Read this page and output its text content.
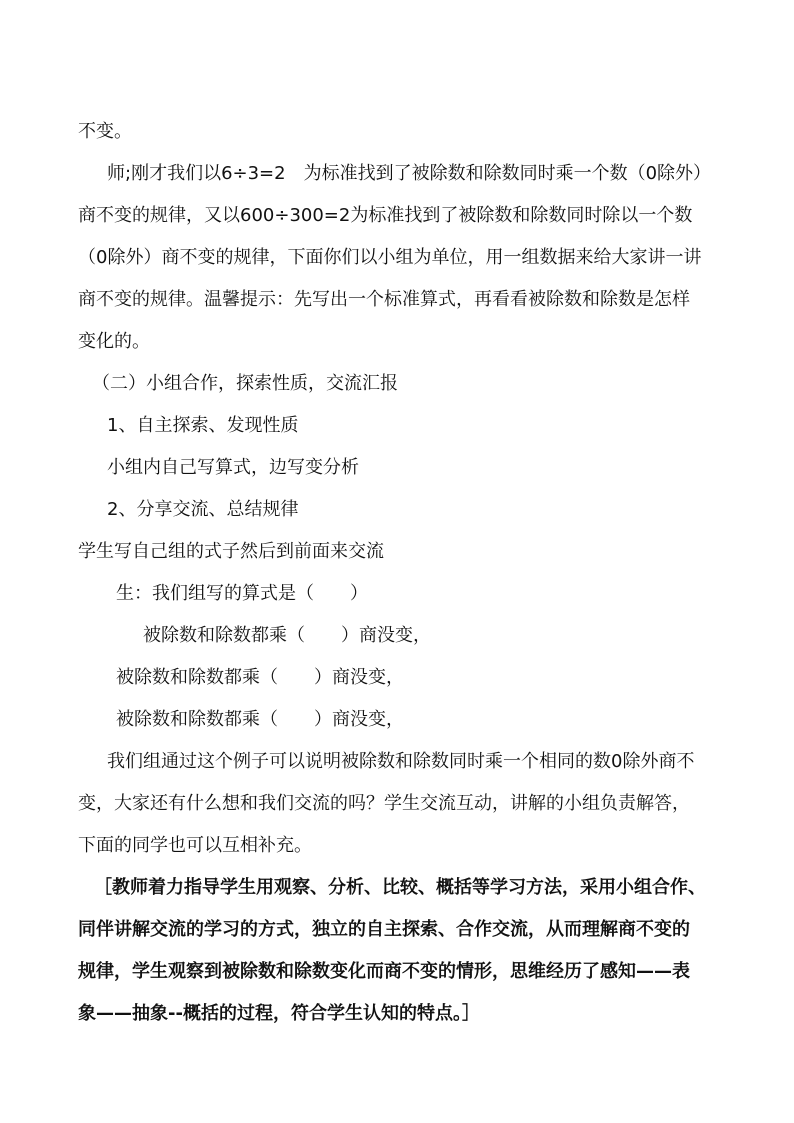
不变。

师;刚才我们以6÷3=2　为标准找到了被除数和除数同时乘一个数（0除外）

商不变的规律，又以600÷300=2为标准找到了被除数和除数同时除以一个数

（0除外）商不变的规律，下面你们以小组为单位，用一组数据来给大家讲一讲

商不变的规律。温馨提示：先写出一个标准算式，再看看被除数和除数是怎样

变化的。

（二）小组合作，探索性质，交流汇报

1、自主探索、发现性质

小组内自己写算式，边写变分析

2、分享交流、总结规律

学生写自己组的式子然后到前面来交流

生：我们组写的算式是（　　）

被除数和除数都乘（　　）商没变，

被除数和除数都乘（　　）商没变，

被除数和除数都乘（　　）商没变，

我们组通过这个例子可以说明被除数和除数同时乘一个相同的数0除外商不

变，大家还有什么想和我们交流的吗？学生交流互动，讲解的小组负责解答，

下面的同学也可以互相补充。

［教师着力指导学生用观察、分析、比较、概括等学习方法，采用小组合作、

同伴讲解交流的学习的方式，独立的自主探索、合作交流，从而理解商不变的

规律，学生观察到被除数和除数变化而商不变的情形，思维经历了感知——表

象——抽象--概括的过程，符合学生认知的特点。］
